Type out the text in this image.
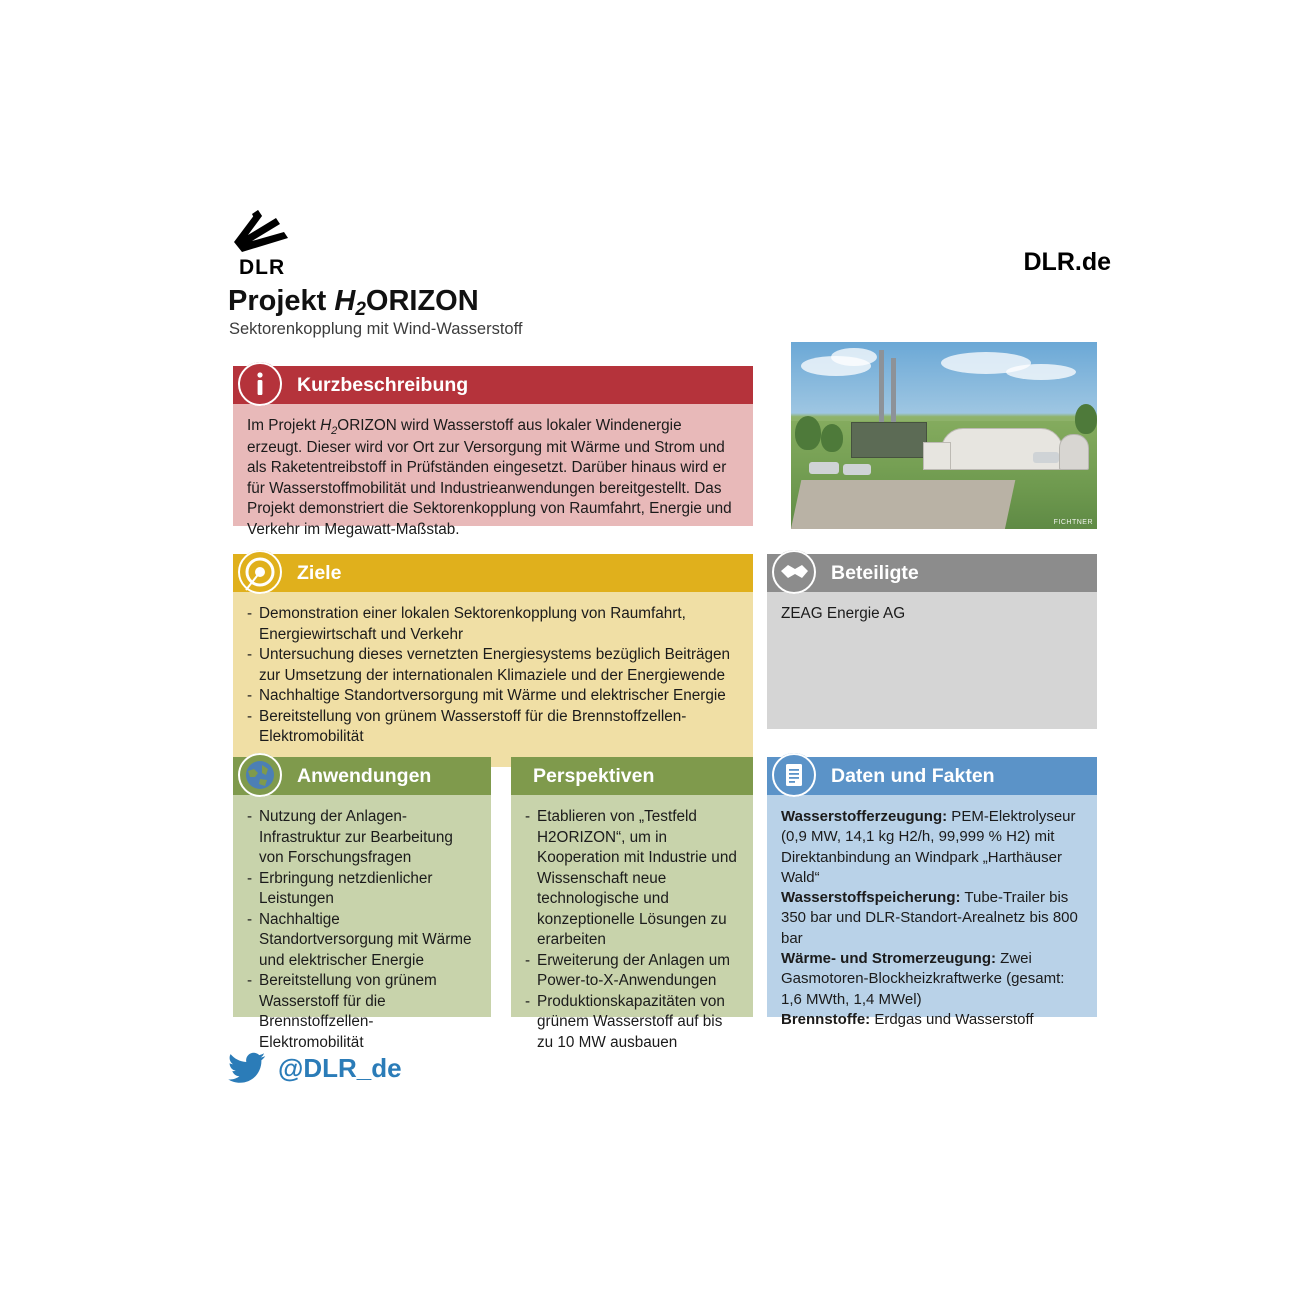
DLR	DLR.de
Projekt $H_2ORIZON$
Sektorenkopplung mit Wind-Wasserstoff
FICHTNER
Kurzbeschreibung

Im Projekt $H_2ORIZON$ wird Wasserstoff aus lokaler Windenergie erzeugt. Dieser wird vor Ort zur Versorgung mit Wärme und Strom und als Raketentreibstoff in Prüfständen eingesetzt. Darüber hinaus wird er für Wasserstoffmobilität und Industrieanwendungen bereitgestellt. Das Projekt demonstriert die Sektorenkopplung von Raumfahrt, Energie und Verkehr im Megawatt-Maßstab.

Ziele
- Demonstration einer lokalen Sektorenkopplung von Raumfahrt, Energiewirtschaft und Verkehr
- Untersuchung dieses vernetzten Energiesystems bezüglich Beiträgen zur Umsetzung der internationalen Klimaziele und der Energiewende
- Nachhaltige Standortversorgung mit Wärme und elektrischer Energie
- Bereitstellung von grünem Wasserstoff für die Brennstoffzellen-Elektromobilität
Beteiligte

ZEAG Energie AG

Anwendungen
- Nutzung der Anlagen-Infrastruktur zur Bearbeitung von Forschungsfragen
- Erbringung netzdienlicher Leistungen
- Nachhaltige Standortversorgung mit Wärme und elektrischer Energie
- Bereitstellung von grünem Wasserstoff für die Brennstoffzellen-Elektromobilität
Perspektiven
- Etablieren von „Testfeld H2ORIZON“, um in Kooperation mit Industrie und Wissenschaft neue technologische und konzeptionelle Lösungen zu erarbeiten
- Erweiterung der Anlagen um Power-to-X-Anwendungen
- Produktionskapazitäten von grünem Wasserstoff auf bis zu 10 MW ausbauen
Daten und Fakten

Wasserstofferzeugung: PEM-Elektrolyseur (0,9 MW, 14,1 kg H2/h, 99,999 % H2) mit Direktanbindung an Windpark „Harthäuser Wald“

Wasserstoffspeicherung: Tube-Trailer bis 350 bar und DLR-Standort-Arealnetz bis 800 bar

Wärme- und Stromerzeugung: Zwei Gasmotoren-Blockheizkraftwerke (gesamt: 1,6 MWth, 1,4 MWel)

Brennstoffe: Erdgas und Wasserstoff

@DLR_de
